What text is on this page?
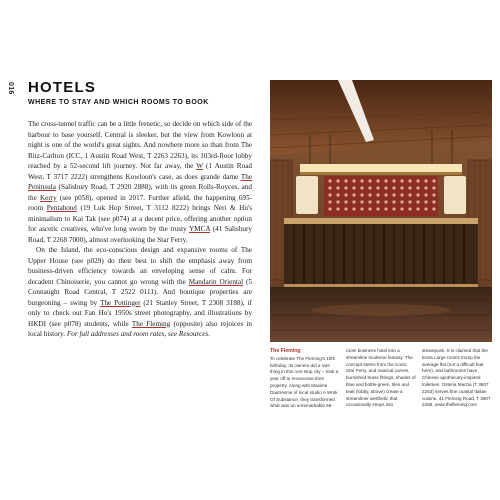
016 HOTELS
WHERE TO STAY AND WHICH ROOMS TO BOOK

The cross-tunnel traffic can be a little frenetic, so decide on which side of the harbour to base yourself. Central is sleeker, but the view from Kowloon at night is one of the world's great sights. And nowhere more so than from The Ritz-Carlton (ICC, 1 Austin Road West, T 2263 2263), its 103rd-floor lobby reached by a 52-second lift journey. Not far away, the W (1 Austin Road West, T 3717 2222) strengthens Kowloon's case, as does grande dame The Peninsula (Salisbury Road, T 2920 2888), with its green Rolls-Royces, and the Kerry (see p058), opened in 2017. Further afield, the happening 695-room Pentahotel (19 Luk Hop Street, T 3112 8222) brings Neri & Hu's minimalism to Kai Tak (see p074) at a decent price, offering another option for ascetic creatives, who've long sworn by the trusty YMCA (41 Salisbury Road, T 2268 7000), almost overlooking the Star Ferry.

On the Island, the eco-conscious design and expansive rooms of The Upper House (see p029) do their best to shift the emphasis away from business-driven efficiency towards an enveloping sense of calm. For decadent Chinoiserie, you cannot go wrong with the Mandarin Oriental (5 Connaught Road Central, T 2522 0111). And boutique properties are burgeoning – swing by The Pottinger (21 Stanley Street, T 2308 3188), if only to check out Fan Ho's 1950s street photography, and illustrations by HKDI (see p078) students, while The Fleming (opposite) also rejoices in local history. For full addresses and room rates, see Resources.

The Fleming
To celebrate The Fleming's 10th birthday, its owners did a rare thing in this non-stop city – took a year off to reconceive their property. Along with Maxime Dautresme of local studio A Work Of Substance, they transformed what was an unremarkable 66-room business hotel into a streamline moderne fantasy. The concept stems from the iconic Star Ferry, and nautical curves, burnished brass fittings, shades of blue and bottle-green, tiles and teak (lobby, above) create a streamliner aesthetic that occasionally strays into steampunk. It is claimed that the Extra Large rooms trump the average flat (not a difficult feat here), and bathrooms have Chinese apothecary-inspired toiletries. Osteria Marzia (T 3607 2253) serves fine coastal Italian cuisine. 41 Fleming Road, T 3607 2288, www.thefleming.com
